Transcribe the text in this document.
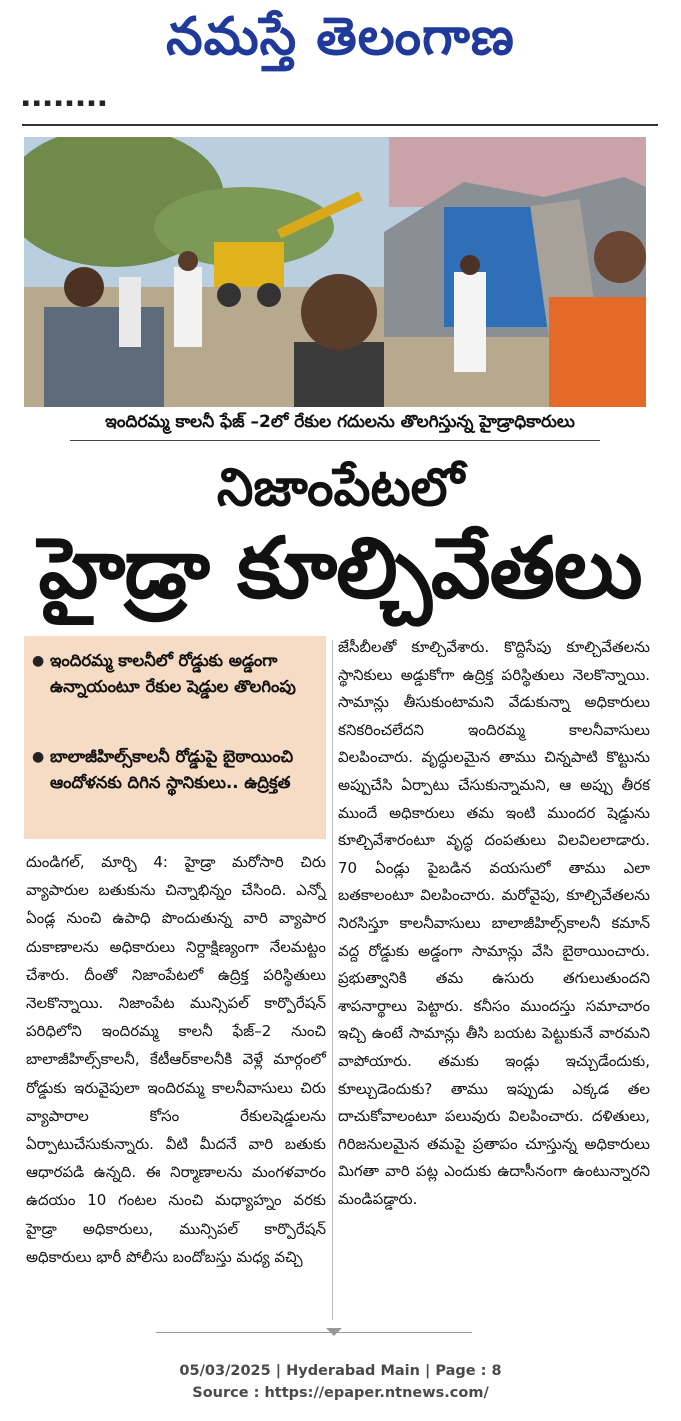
నమస్తే తెలంగాణ
▪ ▪ ▪ ▪ ▪ ▪ ▪ ▪
ఇందిరమ్మ కాలనీ ఫేజ్ –2లో రేకుల గదులను తొలగిస్తున్న హైడ్రాధికారులు
నిజాంపేటలో
హైడ్రా కూల్చివేతలు
● ఇందిరమ్మ కాలనీలో రోడ్డుకు అడ్డంగా ఉన్నాయంటూ రేకుల షెడ్డుల తొలగింపు
● బాలాజీహిల్స్‌కాలనీ రోడ్డుపై బైఠాయించి ఆందోళనకు దిగిన స్థానికులు.. ఉద్రిక్తత
దుండిగల్, మార్చి 4: హైడ్రా మరోసారి చిరు వ్యాపారుల బతుకును చిన్నాభిన్నం చేసింది. ఎన్నో ఏండ్ల నుంచి ఉపాధి పొందుతున్న వారి వ్యాపార దుకాణాలను అధికారులు నిర్దాక్షిణ్యంగా నేలమట్టం చేశారు. దీంతో నిజాంపేటలో ఉద్రిక్త పరిస్థితులు నెలకొన్నాయి. నిజాంపేట మున్సిపల్ కార్పొరేషన్ పరిధిలోని ఇందిరమ్మ కాలనీ ఫేజ్–2 నుంచి బాలాజీహిల్స్‌కాలనీ, కేటీఆర్‌కాలనీకి వెళ్లే మార్గంలో రోడ్డుకు ఇరువైపులా ఇందిరమ్మ కాలనీవాసులు చిరు వ్యాపారాల కోసం రేకులషెడ్డులను ఏర్పాటుచేసుకున్నారు. వీటి మీదనే వారి బతుకు ఆధారపడి ఉన్నది. ఈ నిర్మాణాలను మంగళవారం ఉదయం 10 గంటల నుంచి మధ్యాహ్నం వరకు హైడ్రా అధికారులు, మున్సిపల్ కార్పొరేషన్ అధికారులు భారీ పోలీసు బందోబస్తు మధ్య వచ్చి
జేసీబీలతో కూల్చివేశారు. కొద్దిసేపు కూల్చివేతలను స్థానికులు అడ్డుకోగా ఉద్రిక్త పరిస్థితులు నెలకొన్నాయి. సామాన్లు తీసుకుంటామని వేడుకున్నా అధికారులు కనికరించలేదని ఇందిరమ్మ కాలనీవాసులు విలపించారు. వృద్ధులమైన తాము చిన్నపాటి కొట్టును అప్పుచేసి ఏర్పాటు చేసుకున్నామని, ఆ అప్పు తీరక ముందే అధికారులు తమ ఇంటి ముందర షెడ్డును కూల్చివేశారంటూ వృద్ధ దంపతులు విలవిలలాడారు. 70 ఏండ్లు పైబడిన వయసులో తాము ఎలా బతకాలంటూ విలపించారు. మరోవైపు, కూల్చివేతలను నిరసిస్తూ కాలనీవాసులు బాలాజీహిల్స్‌కాలనీ కమాన్ వద్ద రోడ్డుకు అడ్డంగా సామాన్లు వేసి బైఠాయించారు. ప్రభుత్వానికి తమ ఉసురు తగులుతుందని శాపనార్థాలు పెట్టారు. కనీసం ముందస్తు సమాచారం ఇచ్చి ఉంటే సామాన్లు తీసి బయట పెట్టుకునే వారమని వాపోయారు. తమకు ఇండ్లు ఇచ్చుడేందుకు, కూల్చుడెందుకు? తాము ఇప్పుడు ఎక్కడ తల దాచుకోవాలంటూ పలువురు విలపించారు. దళితులు, గిరిజనులమైన తమపై ప్రతాపం చూస్తున్న అధికారులు మిగతా వారి పట్ల ఎందుకు ఉదాసీనంగా ఉంటున్నారని మండిపడ్డారు.
05/03/2025 | Hyderabad Main | Page : 8
Source : https://epaper.ntnews.com/
